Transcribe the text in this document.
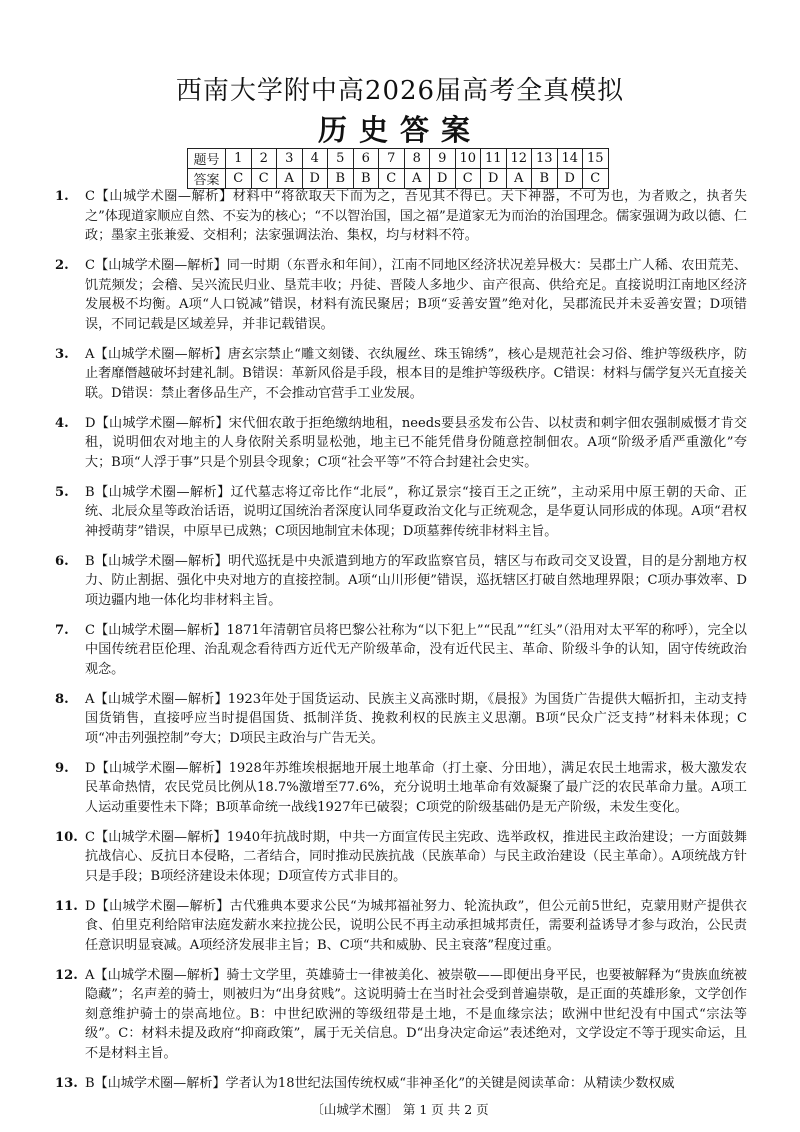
西南大学附中高2026届高考全真模拟
历史答案
题号	1	2	3	4	5	6	7	8	9	10	11	12	13	14	15
答案	C	C	A	D	B	B	C	A	D	C	D	A	B	D	C
1. C【山城学术圈—解析】材料中“将欲取天下而为之，吾见其不得已。天下神器，不可为也，为者败之，执者失之”体现道家顺应自然、不妄为的核心；“不以智治国，国之福”是道家无为而治的治国理念。儒家强调为政以德、仁政；墨家主张兼爱、交相利；法家强调法治、集权，均与材料不符。
2. C【山城学术圈—解析】同一时期（东晋永和年间），江南不同地区经济状况差异极大：吴郡土广人稀、农田荒芜、饥荒频发；会稽、吴兴流民归业、垦荒丰收；丹徒、晋陵人多地少、亩产很高、供给充足。直接说明江南地区经济发展极不均衡。A项“人口锐减”错误，材料有流民聚居；B项“妥善安置”绝对化，吴郡流民并未妥善安置；D项错误，不同记载是区域差异，并非记载错误。
3. A【山城学术圈—解析】唐玄宗禁止“雕文刻镂、衣纨履丝、珠玉锦绣”，核心是规范社会习俗、维护等级秩序，防止奢靡僭越破坏封建礼制。B错误：革新风俗是手段，根本目的是维护等级秩序。C错误：材料与儒学复兴无直接关联。D错误：禁止奢侈品生产，不会推动官营手工业发展。
4. D【山城学术圈—解析】宋代佃农敢于拒绝缴纳地租，needs要县丞发布公告、以杖责和刺字佃农强制威慑才肯交租，说明佃农对地主的人身依附关系明显松弛，地主已不能凭借身份随意控制佃农。A项“阶级矛盾严重激化”夸大；B项“人浮于事”只是个别县令现象；C项“社会平等”不符合封建社会史实。
5. B【山城学术圈—解析】辽代墓志将辽帝比作“北辰”，称辽景宗“接百王之正统”，主动采用中原王朝的天命、正统、北辰众星等政治话语，说明辽国统治者深度认同华夏政治文化与正统观念，是华夏认同形成的体现。A项“君权神授萌芽”错误，中原早已成熟；C项因地制宜未体现；D项墓葬传统非材料主旨。
6. B【山城学术圈—解析】明代巡抚是中央派遣到地方的军政监察官员，辖区与布政司交叉设置，目的是分割地方权力、防止割据、强化中央对地方的直接控制。A项“山川形便”错误，巡抚辖区打破自然地理界限；C项办事效率、D项边疆内地一体化均非材料主旨。
7. C【山城学术圈—解析】1871年清朝官员将巴黎公社称为“以下犯上”“民乱”“红头”（沿用对太平军的称呼），完全以中国传统君臣伦理、治乱观念看待西方近代无产阶级革命，没有近代民主、革命、阶级斗争的认知，固守传统政治观念。
8. A【山城学术圈—解析】1923年处于国货运动、民族主义高涨时期，《晨报》为国货广告提供大幅折扣，主动支持国货销售，直接呼应当时提倡国货、抵制洋货、挽救利权的民族主义思潮。B项“民众广泛支持”材料未体现；C项“冲击列强控制”夸大；D项民主政治与广告无关。
9. D【山城学术圈—解析】1928年苏维埃根据地开展土地革命（打土豪、分田地），满足农民土地需求，极大激发农民革命热情，农民党员比例从18.7%激增至77.6%，充分说明土地革命有效凝聚了最广泛的农民革命力量。A项工人运动重要性未下降；B项革命统一战线1927年已破裂；C项党的阶级基础仍是无产阶级，未发生变化。
10. C【山城学术圈—解析】1940年抗战时期，中共一方面宣传民主宪政、选举政权，推进民主政治建设；一方面鼓舞抗战信心、反抗日本侵略，二者结合，同时推动民族抗战（民族革命）与民主政治建设（民主革命）。A项统战方针只是手段；B项经济建设未体现；D项宣传方式非目的。
11. D【山城学术圈—解析】古代雅典本要求公民“为城邦福祉努力、轮流执政”，但公元前5世纪，克蒙用财产提供衣食、伯里克利给陪审法庭发薪水来拉拢公民，说明公民不再主动承担城邦责任，需要利益诱导才参与政治，公民责任意识明显衰减。A项经济发展非主旨；B、C项“共和威胁、民主衰落”程度过重。
12. A【山城学术圈—解析】骑士文学里，英雄骑士一律被美化、被崇敬——即便出身平民，也要被解释为“贵族血统被隐藏”；名声差的骑士，则被归为“出身贫贱”。这说明骑士在当时社会受到普遍崇敬，是正面的英雄形象，文学创作刻意维护骑士的崇高地位。B：中世纪欧洲的等级纽带是土地，不是血缘宗法；欧洲中世纪没有中国式“宗法等级”。C：材料未提及政府“抑商政策”，属于无关信息。D“出身决定命运”表述绝对，文学设定不等于现实命运，且不是材料主旨。
13. B【山城学术圈—解析】学者认为18世纪法国传统权威“非神圣化”的关键是阅读革命：从精读少数权威
〔山城学术圈〕 第 1 页 共 2 页
